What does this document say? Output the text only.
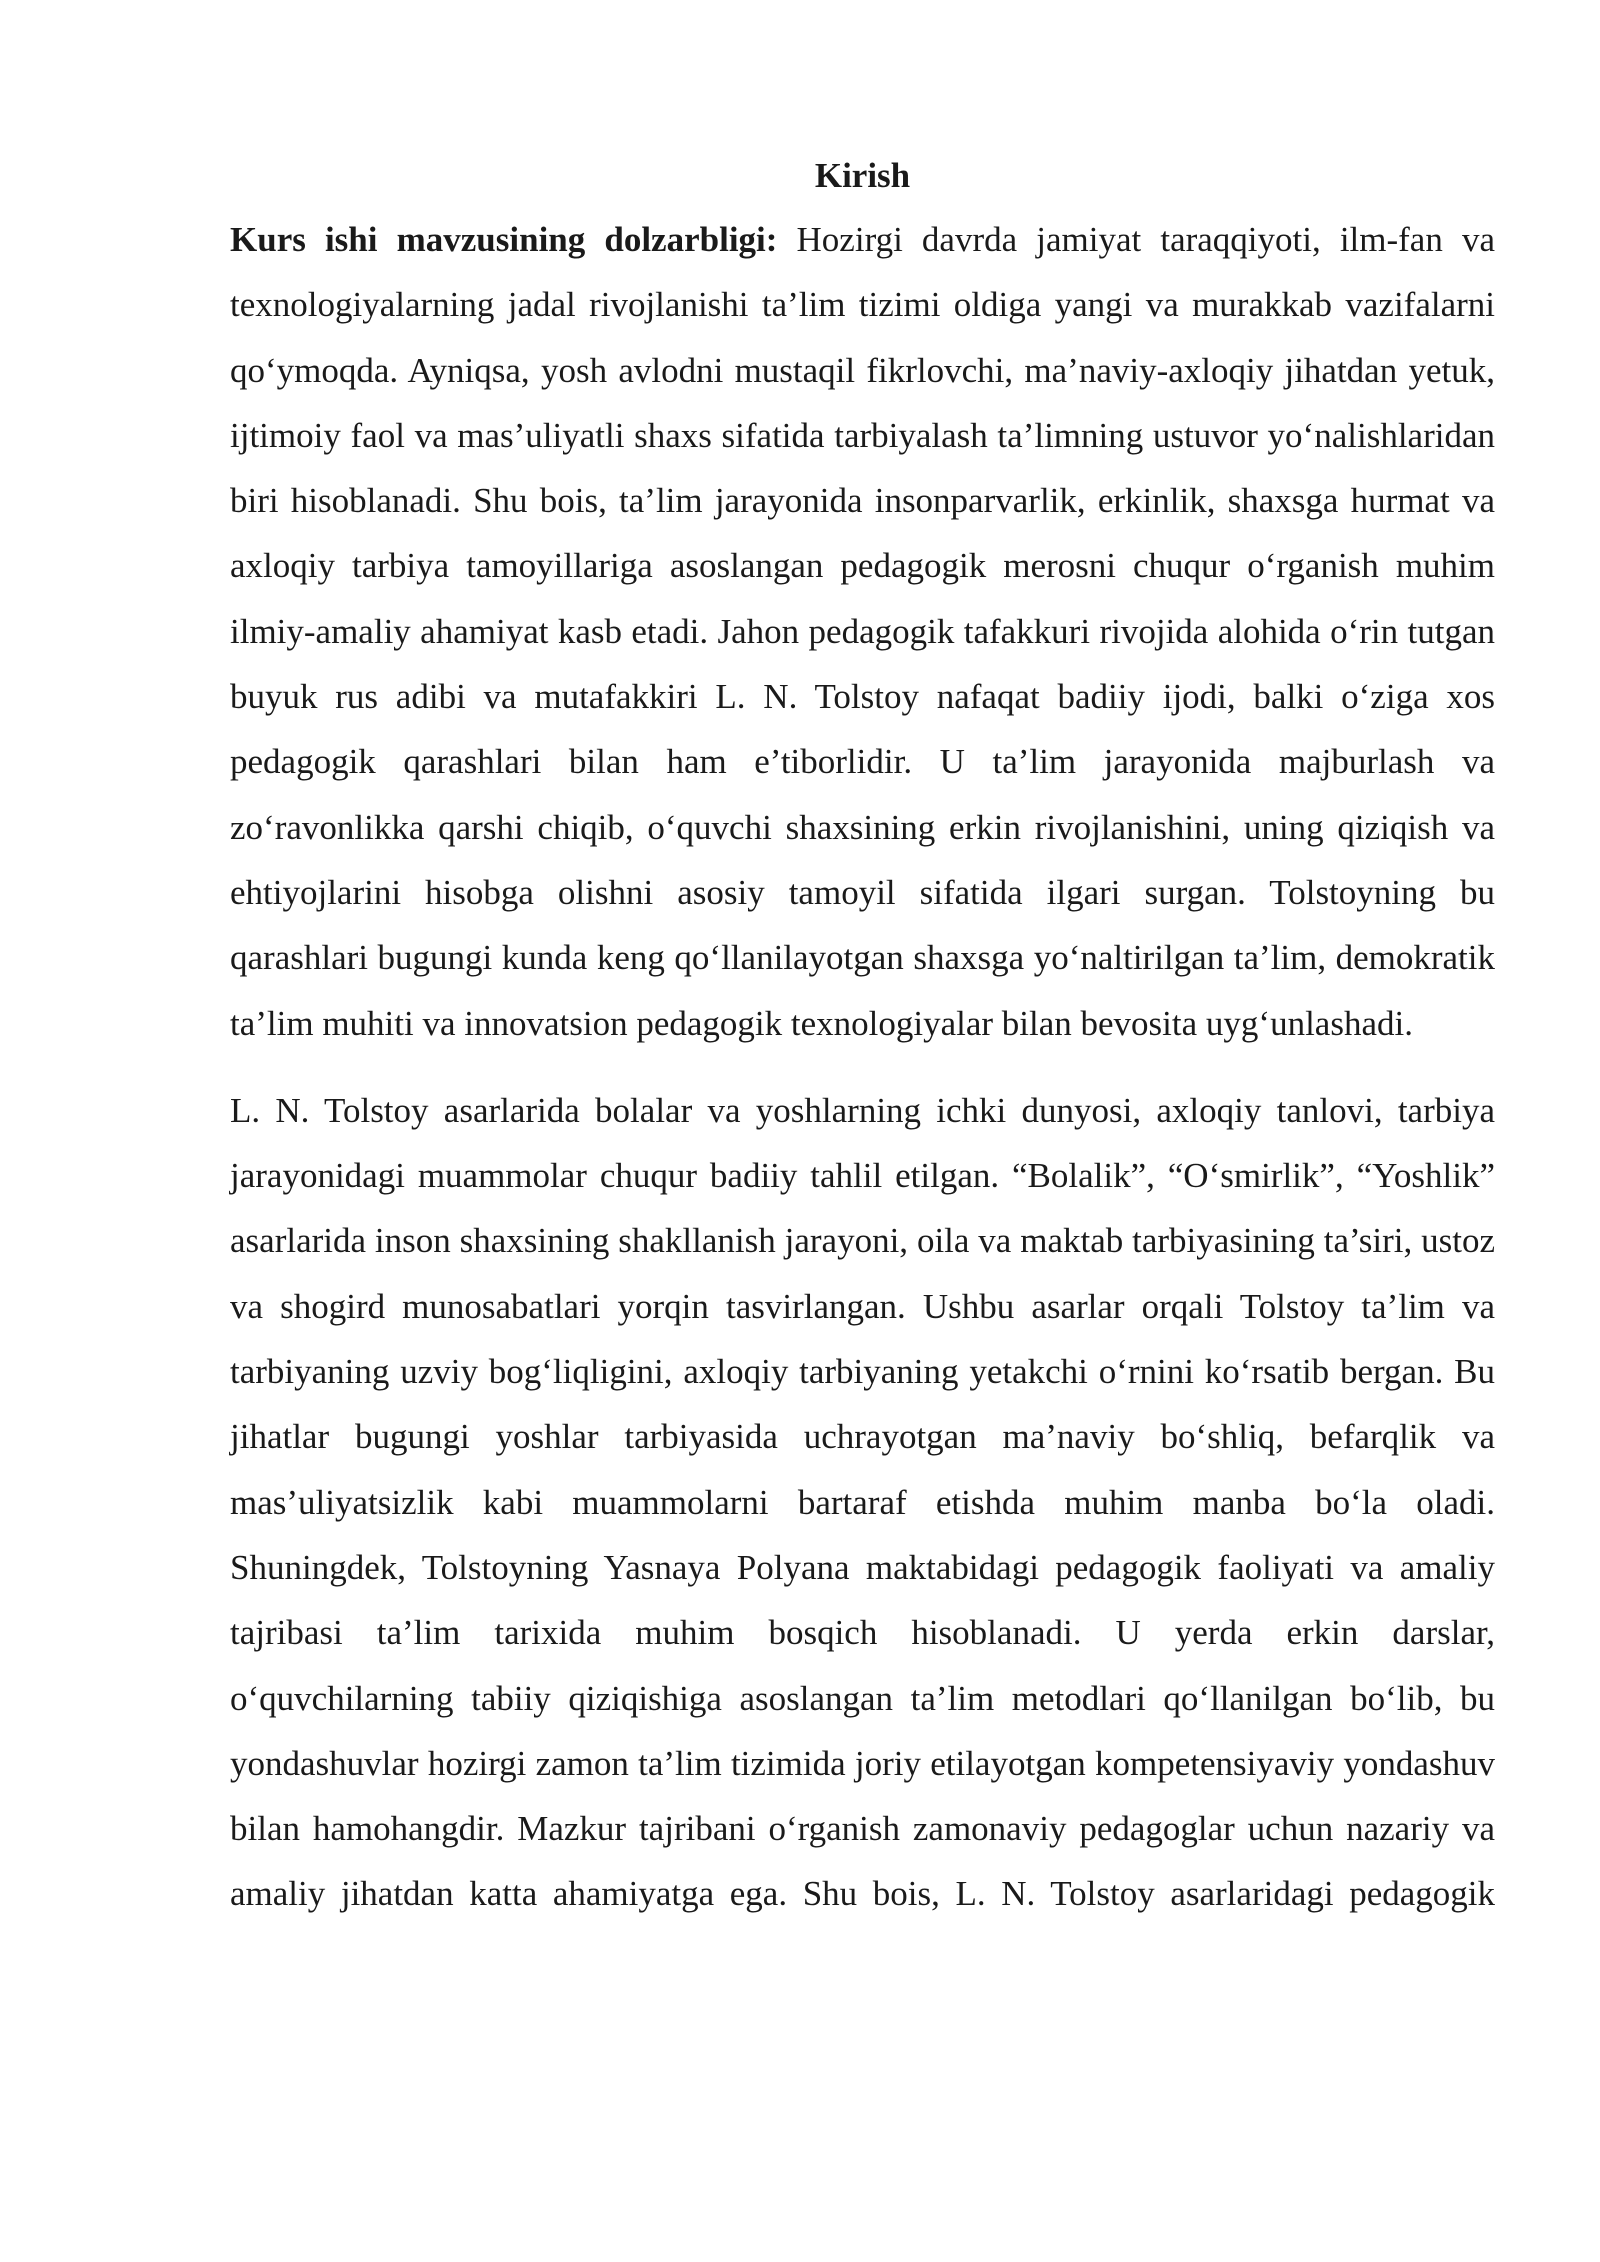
Kirish

Kurs ishi mavzusining dolzarbligi: Hozirgi davrda jamiyat taraqqiyoti, ilm-fan va texnologiyalarning jadal rivojlanishi ta’lim tizimi oldiga yangi va murakkab vazifalarni qo‘ymoqda. Ayniqsa, yosh avlodni mustaqil fikrlovchi, ma’naviy-axloqiy jihatdan yetuk, ijtimoiy faol va mas’uliyatli shaxs sifatida tarbiyalash ta’limning ustuvor yo‘nalishlaridan biri hisoblanadi. Shu bois, ta’lim jarayonida insonparvarlik, erkinlik, shaxsga hurmat va axloqiy tarbiya tamoyillariga asoslangan pedagogik merosni chuqur o‘rganish muhim ilmiy-amaliy ahamiyat kasb etadi. Jahon pedagogik tafakkuri rivojida alohida o‘rin tutgan buyuk rus adibi va mutafakkiri L. N. Tolstoy nafaqat badiiy ijodi, balki o‘ziga xos pedagogik qarashlari bilan ham e’tiborlidir. U ta’lim jarayonida majburlash va zo‘ravonlikka qarshi chiqib, o‘quvchi shaxsining erkin rivojlanishini, uning qiziqish va ehtiyojlarini hisobga olishni asosiy tamoyil sifatida ilgari surgan. Tolstoyning bu qarashlari bugungi kunda keng qo‘llanilayotgan shaxsga yo‘naltirilgan ta’lim, demokratik ta’lim muhiti va innovatsion pedagogik texnologiyalar bilan bevosita uyg‘unlashadi.

L. N. Tolstoy asarlarida bolalar va yoshlarning ichki dunyosi, axloqiy tanlovi, tarbiya jarayonidagi muammolar chuqur badiiy tahlil etilgan. “Bolalik”, “O‘smirlik”, “Yoshlik” asarlarida inson shaxsining shakllanish jarayoni, oila va maktab tarbiyasining ta’siri, ustoz va shogird munosabatlari yorqin tasvirlangan. Ushbu asarlar orqali Tolstoy ta’lim va tarbiyaning uzviy bog‘liqligini, axloqiy tarbiyaning yetakchi o‘rnini ko‘rsatib bergan. Bu jihatlar bugungi yoshlar tarbiyasida uchrayotgan ma’naviy bo‘shliq, befarqlik va mas’uliyatsizlik kabi muammolarni bartaraf etishda muhim manba bo‘la oladi. Shuningdek, Tolstoyning Yasnaya Polyana maktabidagi pedagogik faoliyati va amaliy tajribasi ta’lim tarixida muhim bosqich hisoblanadi. U yerda erkin darslar, o‘quvchilarning tabiiy qiziqishiga asoslangan ta’lim metodlari qo‘llanilgan bo‘lib, bu yondashuvlar hozirgi zamon ta’lim tizimida joriy etilayotgan kompetensiyaviy yondashuv bilan hamohangdir. Mazkur tajribani o‘rganish zamonaviy pedagoglar uchun nazariy va amaliy jihatdan katta ahamiyatga ega. Shu bois, L. N. Tolstoy asarlaridagi pedagogik
